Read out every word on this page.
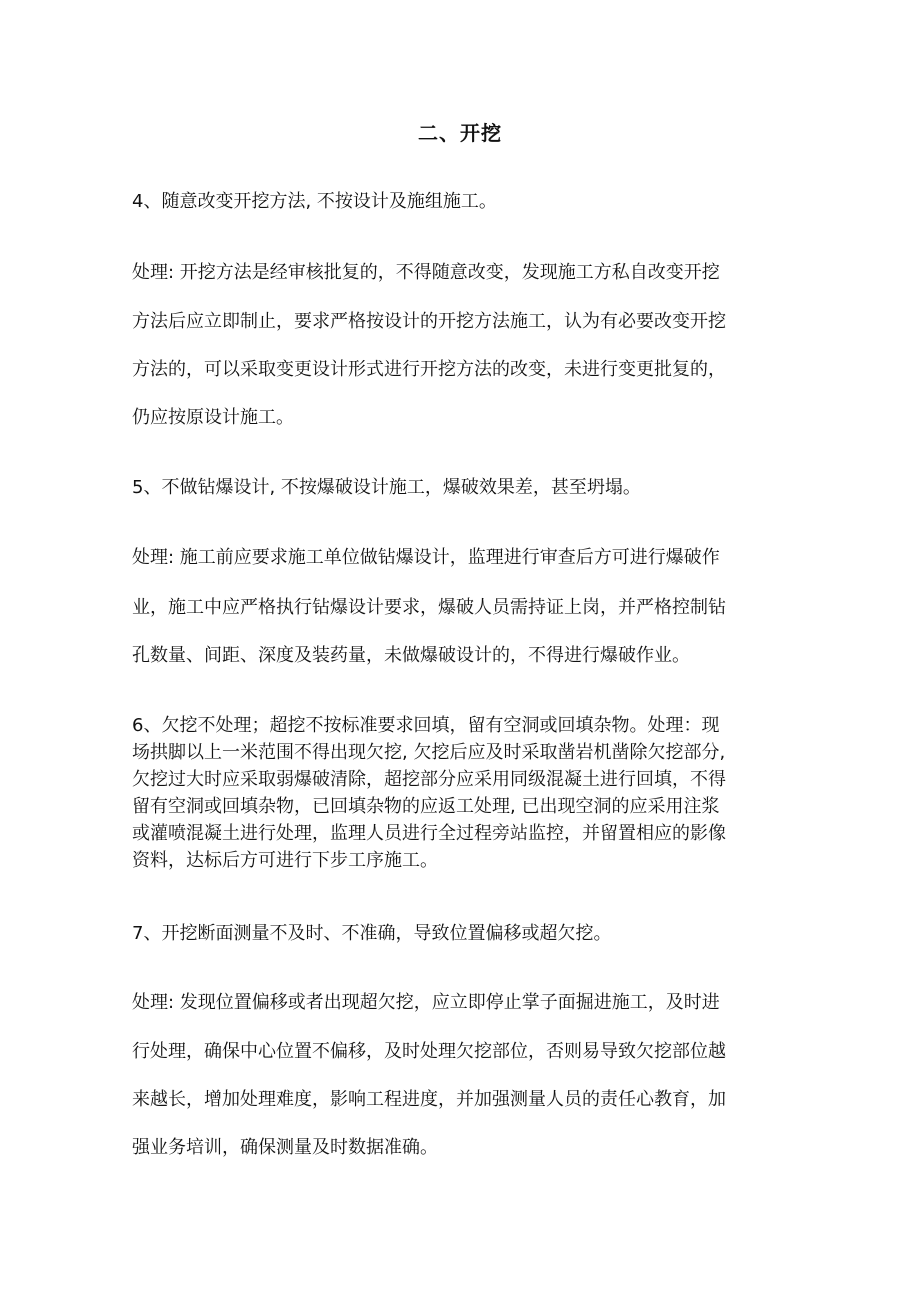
二、开挖
4、随意改变开挖方法, 不按设计及施组施工。
处理: 开挖方法是经审核批复的，不得随意改变，发现施工方私自改变开挖
方法后应立即制止，要求严格按设计的开挖方法施工，认为有必要改变开挖
方法的，可以采取变更设计形式进行开挖方法的改变，未进行变更批复的，
仍应按原设计施工。
5、不做钻爆设计, 不按爆破设计施工，爆破效果差，甚至坍塌。
处理: 施工前应要求施工单位做钻爆设计，监理进行审查后方可进行爆破作
业，施工中应严格执行钻爆设计要求，爆破人员需持证上岗，并严格控制钻
孔数量、间距、深度及装药量，未做爆破设计的，不得进行爆破作业。
6、欠挖不处理；超挖不按标准要求回填，留有空洞或回填杂物。处理：现
场拱脚以上一米范围不得出现欠挖, 欠挖后应及时采取凿岩机凿除欠挖部分,
欠挖过大时应采取弱爆破清除，超挖部分应采用同级混凝土进行回填，不得
留有空洞或回填杂物，已回填杂物的应返工处理, 已出现空洞的应采用注浆
或灌喷混凝土进行处理，监理人员进行全过程旁站监控，并留置相应的影像
资料，达标后方可进行下步工序施工。
7、开挖断面测量不及时、不准确，导致位置偏移或超欠挖。
处理: 发现位置偏移或者出现超欠挖，应立即停止掌子面掘进施工，及时进
行处理，确保中心位置不偏移，及时处理欠挖部位，否则易导致欠挖部位越
来越长，增加处理难度，影响工程进度，并加强测量人员的责任心教育，加
强业务培训，确保测量及时数据准确。
